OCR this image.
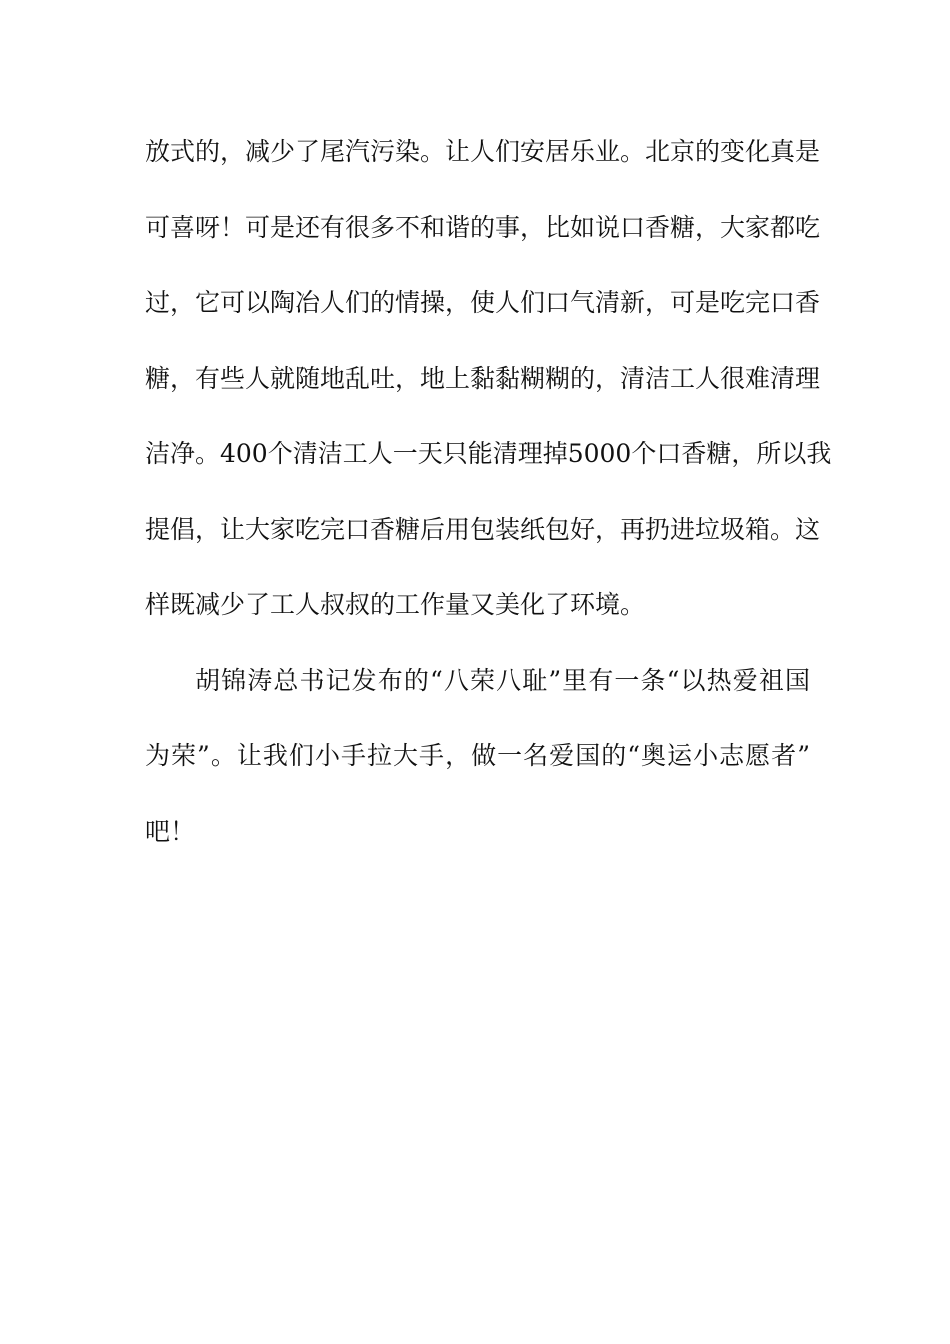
放式的，减少了尾汽污染。让人们安居乐业。北京的变化真是
可喜呀！可是还有很多不和谐的事，比如说口香糖，大家都吃
过，它可以陶冶人们的情操，使人们口气清新，可是吃完口香
糖，有些人就随地乱吐，地上黏黏糊糊的，清洁工人很难清理
洁净。400个清洁工人一天只能清理掉5000个口香糖，所以我
提倡，让大家吃完口香糖后用包装纸包好，再扔进垃圾箱。这
样既减少了工人叔叔的工作量又美化了环境。
胡锦涛总书记发布的“八荣八耻”里有一条“以热爱祖国
为荣”。让我们小手拉大手，做一名爱国的“奥运小志愿者”
吧！
